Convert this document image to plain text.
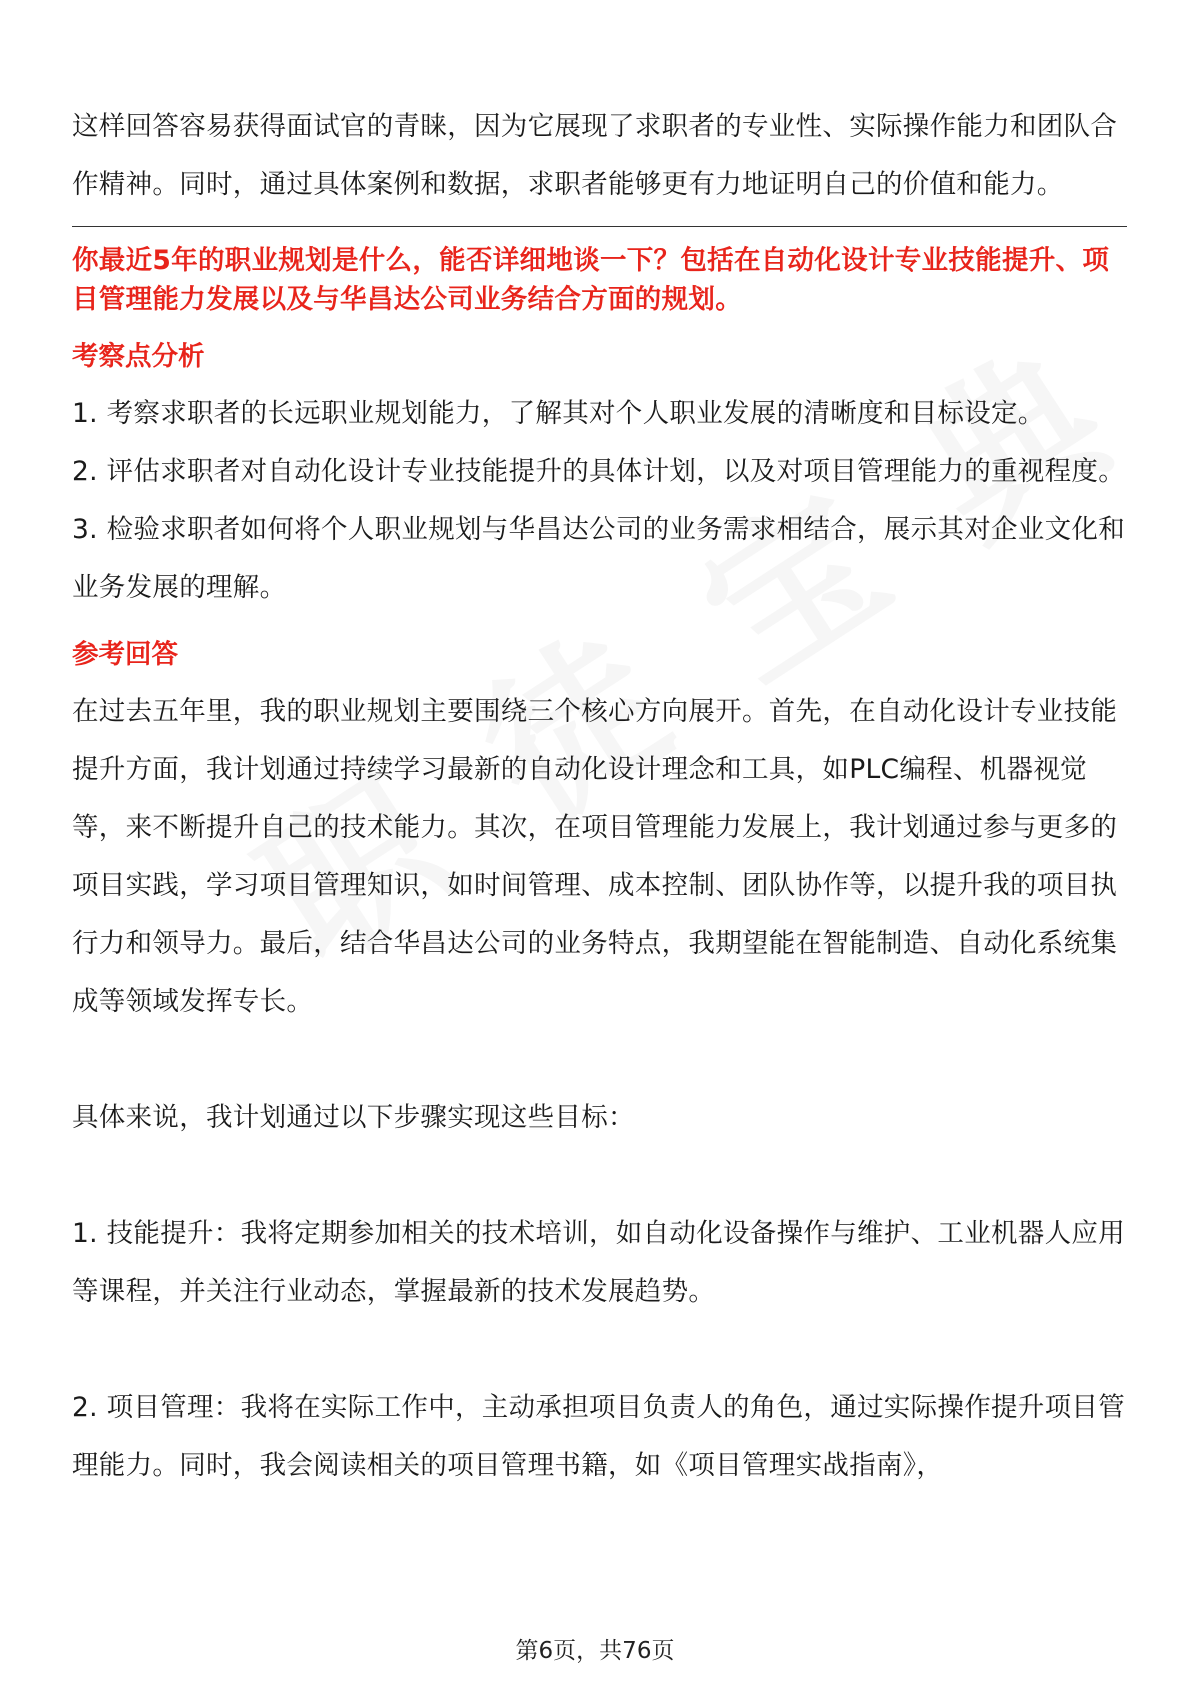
这样回答容易获得面试官的青睐，因为它展现了求职者的专业性、实际操作能力和团队合作精神。同时，通过具体案例和数据，求职者能够更有力地证明自己的价值和能力。

你最近5年的职业规划是什么，能否详细地谈一下？包括在自动化设计专业技能提升、项目管理能力发展以及与华昌达公司业务结合方面的规划。

考察点分析
1. 考察求职者的长远职业规划能力，了解其对个人职业发展的清晰度和目标设定。
2. 评估求职者对自动化设计专业技能提升的具体计划，以及对项目管理能力的重视程度。
3. 检验求职者如何将个人职业规划与华昌达公司的业务需求相结合，展示其对企业文化和业务发展的理解。
参考回答

在过去五年里，我的职业规划主要围绕三个核心方向展开。首先，在自动化设计专业技能提升方面，我计划通过持续学习最新的自动化设计理念和工具，如PLC编程、机器视觉等，来不断提升自己的技术能力。其次，在项目管理能力发展上，我计划通过参与更多的项目实践，学习项目管理知识，如时间管理、成本控制、团队协作等，以提升我的项目执行力和领导力。最后，结合华昌达公司的业务特点，我期望能在智能制造、自动化系统集成等领域发挥专长。

具体来说，我计划通过以下步骤实现这些目标：

1. 技能提升：我将定期参加相关的技术培训，如自动化设备操作与维护、工业机器人应用等课程，并关注行业动态，掌握最新的技术发展趋势。

2. 项目管理：我将在实际工作中，主动承担项目负责人的角色，通过实际操作提升项目管理能力。同时，我会阅读相关的项目管理书籍，如《项目管理实战指南》，

第6页，共76页
